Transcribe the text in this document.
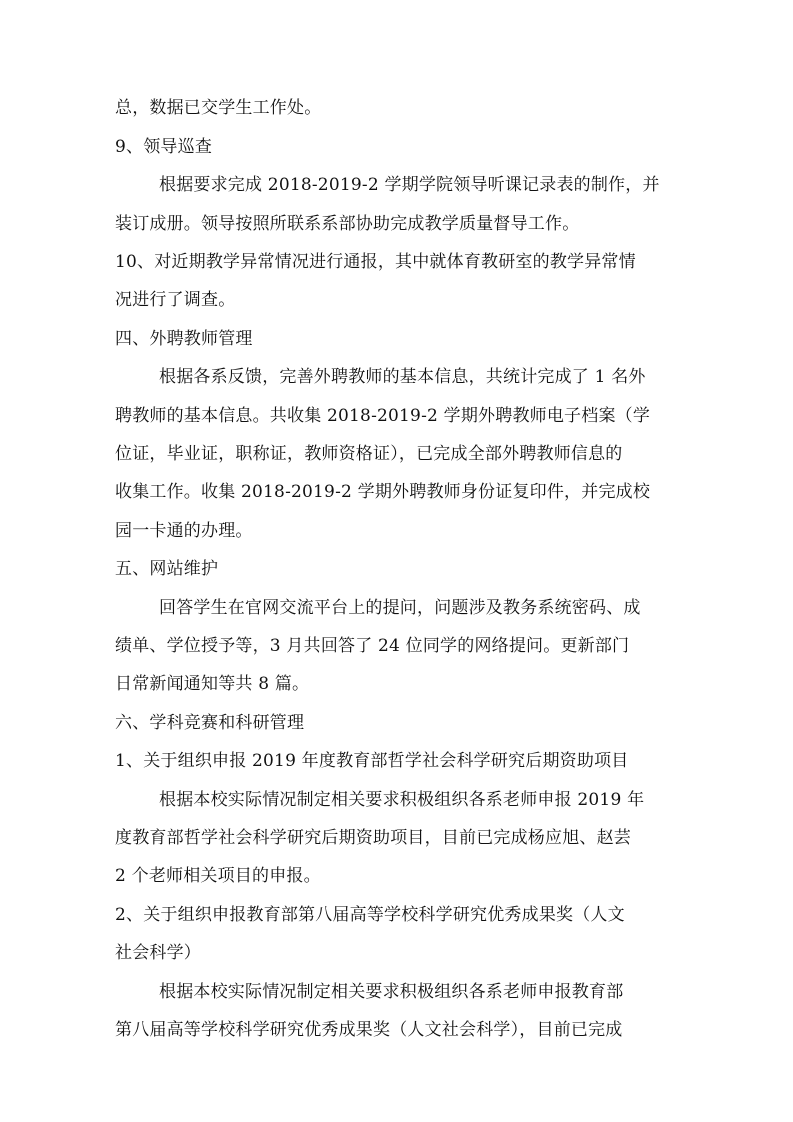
总，数据已交学生工作处。
9、领导巡查
根据要求完成 2018-2019-2 学期学院领导听课记录表的制作，并
装订成册。领导按照所联系系部协助完成教学质量督导工作。
10、对近期教学异常情况进行通报，其中就体育教研室的教学异常情
况进行了调查。
四、外聘教师管理
根据各系反馈，完善外聘教师的基本信息，共统计完成了 1 名外
聘教师的基本信息。共收集 2018-2019-2 学期外聘教师电子档案（学
位证，毕业证，职称证，教师资格证），已完成全部外聘教师信息的
收集工作。收集 2018-2019-2 学期外聘教师身份证复印件，并完成校
园一卡通的办理。
五、网站维护
回答学生在官网交流平台上的提问，问题涉及教务系统密码、成
绩单、学位授予等，3 月共回答了 24 位同学的网络提问。更新部门
日常新闻通知等共 8 篇。
六、学科竞赛和科研管理
1、关于组织申报 2019 年度教育部哲学社会科学研究后期资助项目
根据本校实际情况制定相关要求积极组织各系老师申报 2019 年
度教育部哲学社会科学研究后期资助项目，目前已完成杨应旭、赵芸
2 个老师相关项目的申报。
2、关于组织申报教育部第八届高等学校科学研究优秀成果奖（人文
社会科学）
根据本校实际情况制定相关要求积极组织各系老师申报教育部
第八届高等学校科学研究优秀成果奖（人文社会科学），目前已完成
